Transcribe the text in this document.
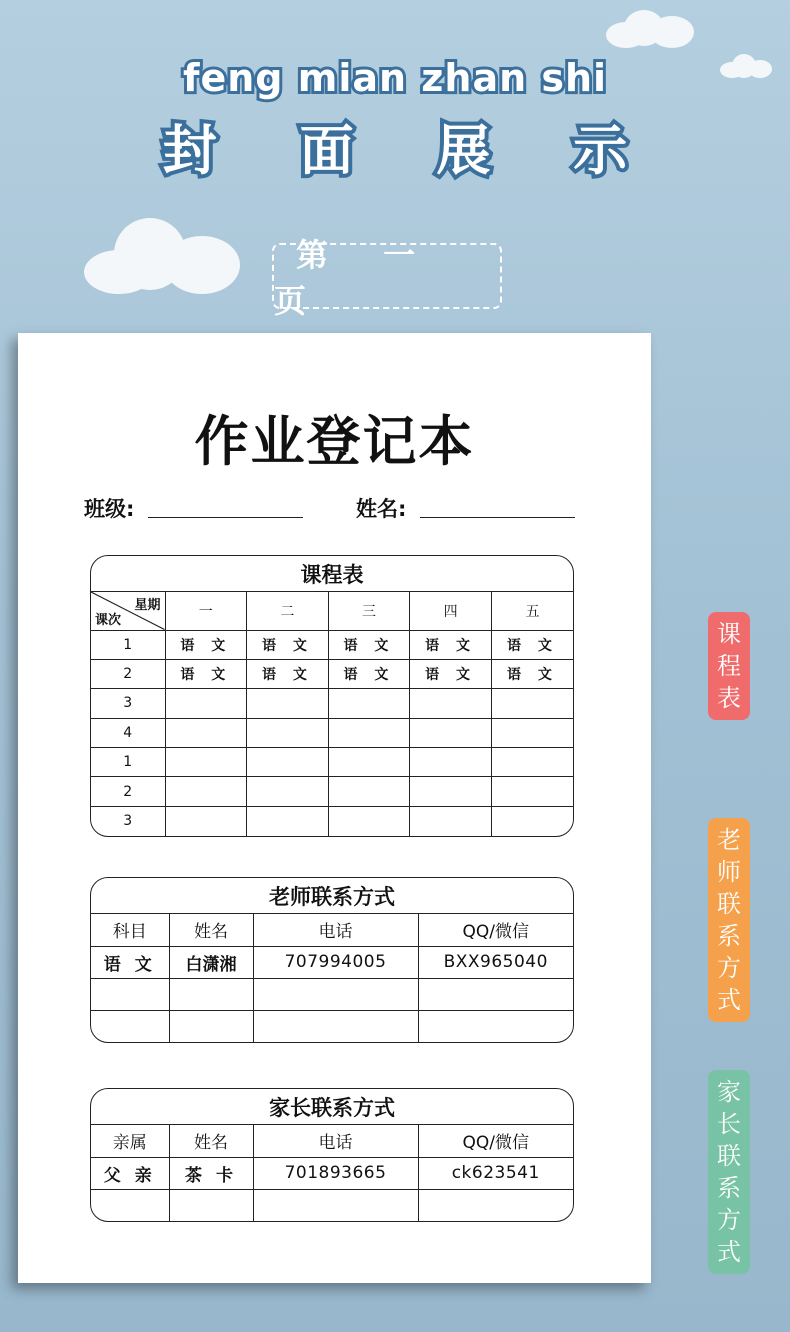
feng mian zhan shi
封 面 展 示
第 一 页
作业登记本
班级:	姓名:
课程表
星期
课次	一	二	三	四	五
1	语 文	语 文	语 文	语 文	语 文
2	语 文	语 文	语 文	语 文	语 文
3					
4					
1					
2					
3					
老师联系方式
科目	姓名	电话	QQ/微信
语 文	白潇湘	707994005	BXX965040

家长联系方式
亲属	姓名	电话	QQ/微信
父 亲	茶 卡	701893665	ck623541

课程表
老师联系方式
家长联系方式
